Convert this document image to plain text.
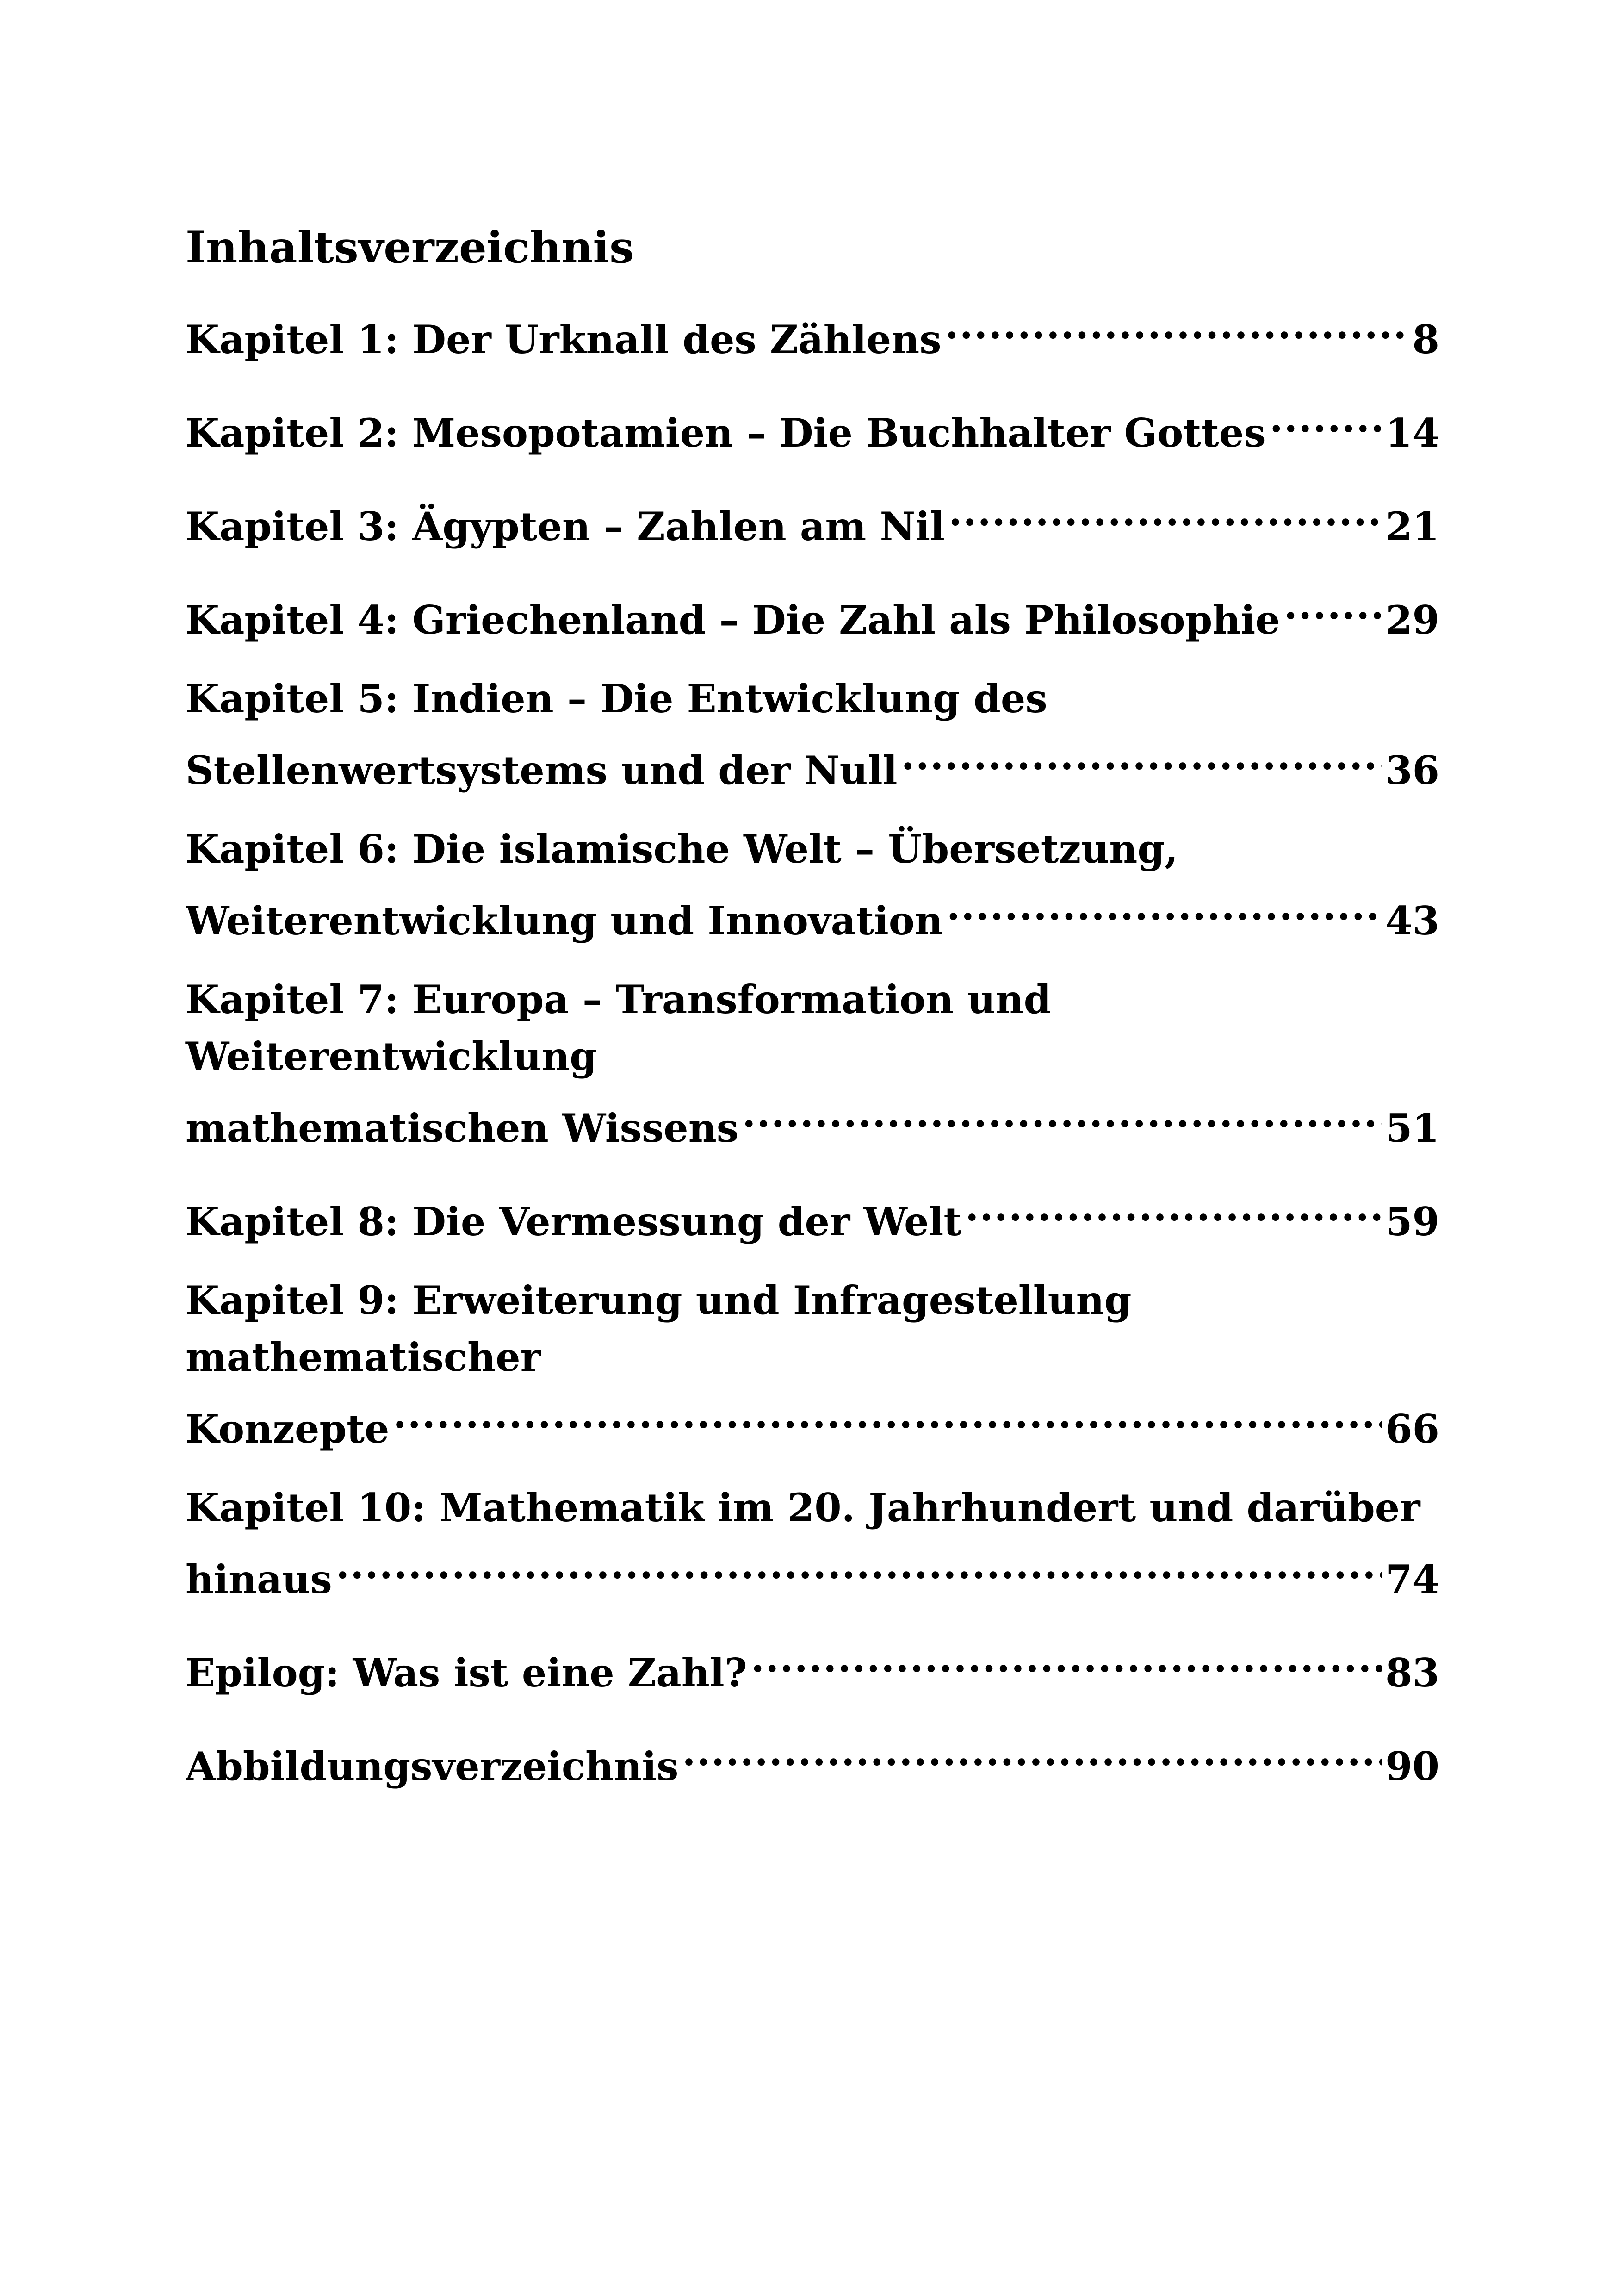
Inhaltsverzeichnis
Kapitel 1: Der Urknall des Zählens .....	8
Kapitel 2: Mesopotamien – Die Buchhalter Gottes .....	14
Kapitel 3: Ägypten – Zahlen am Nil .....	21
Kapitel 4: Griechenland – Die Zahl als Philosophie .....	29
Kapitel 5: Indien – Die Entwicklung des
Stellenwertsystems und der Null .....	36
Kapitel 6: Die islamische Welt – Übersetzung,
Weiterentwicklung und Innovation .....	43
Kapitel 7: Europa – Transformation und Weiterentwicklung
mathematischen Wissens .....	51
Kapitel 8: Die Vermessung der Welt .....	59
Kapitel 9: Erweiterung und Infragestellung mathematischer
Konzepte .....	66
Kapitel 10: Mathematik im 20. Jahrhundert und darüber
hinaus .....	74
Epilog: Was ist eine Zahl? .....	83
Abbildungsverzeichnis .....	90
